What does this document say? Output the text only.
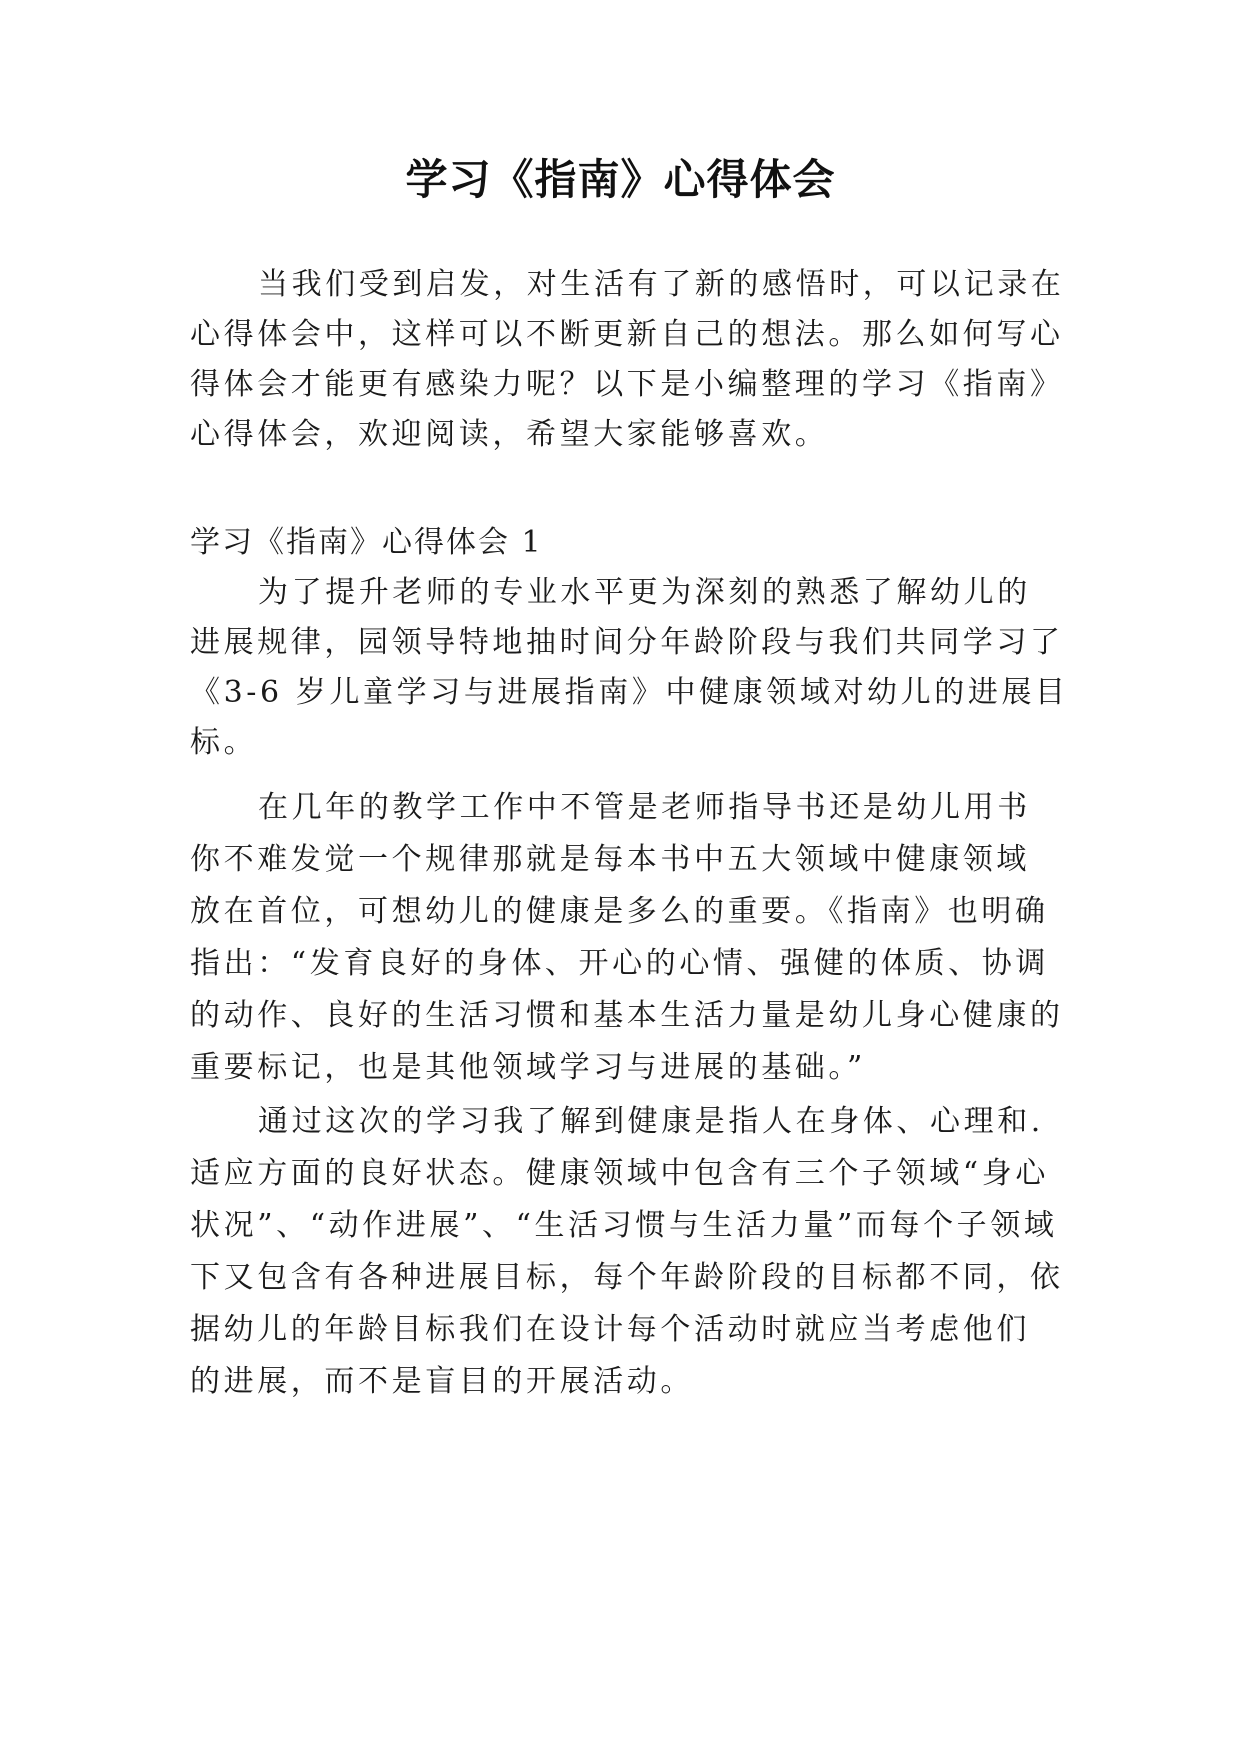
学习《指南》心得体会
当我们受到启发，对生活有了新的感悟时，可以记录在
心得体会中，这样可以不断更新自己的想法。那么如何写心
得体会才能更有感染力呢？以下是小编整理的学习《指南》
心得体会，欢迎阅读，希望大家能够喜欢。
学习《指南》心得体会 1
为了提升老师的专业水平更为深刻的熟悉了解幼儿的
进展规律，园领导特地抽时间分年龄阶段与我们共同学习了
《3-6 岁儿童学习与进展指南》中健康领域对幼儿的进展目
标。
在几年的教学工作中不管是老师指导书还是幼儿用书
你不难发觉一个规律那就是每本书中五大领域中健康领域
放在首位，可想幼儿的健康是多么的重要。《指南》也明确
指出：“发育良好的身体、开心的心情、强健的体质、协调
的动作、良好的生活习惯和基本生活力量是幼儿身心健康的
重要标记，也是其他领域学习与进展的基础。”
通过这次的学习我了解到健康是指人在身体、心理和.
适应方面的良好状态。健康领域中包含有三个子领域“身心
状况”、“动作进展”、“生活习惯与生活力量”而每个子领域
下又包含有各种进展目标，每个年龄阶段的目标都不同，依
据幼儿的年龄目标我们在设计每个活动时就应当考虑他们
的进展，而不是盲目的开展活动。
